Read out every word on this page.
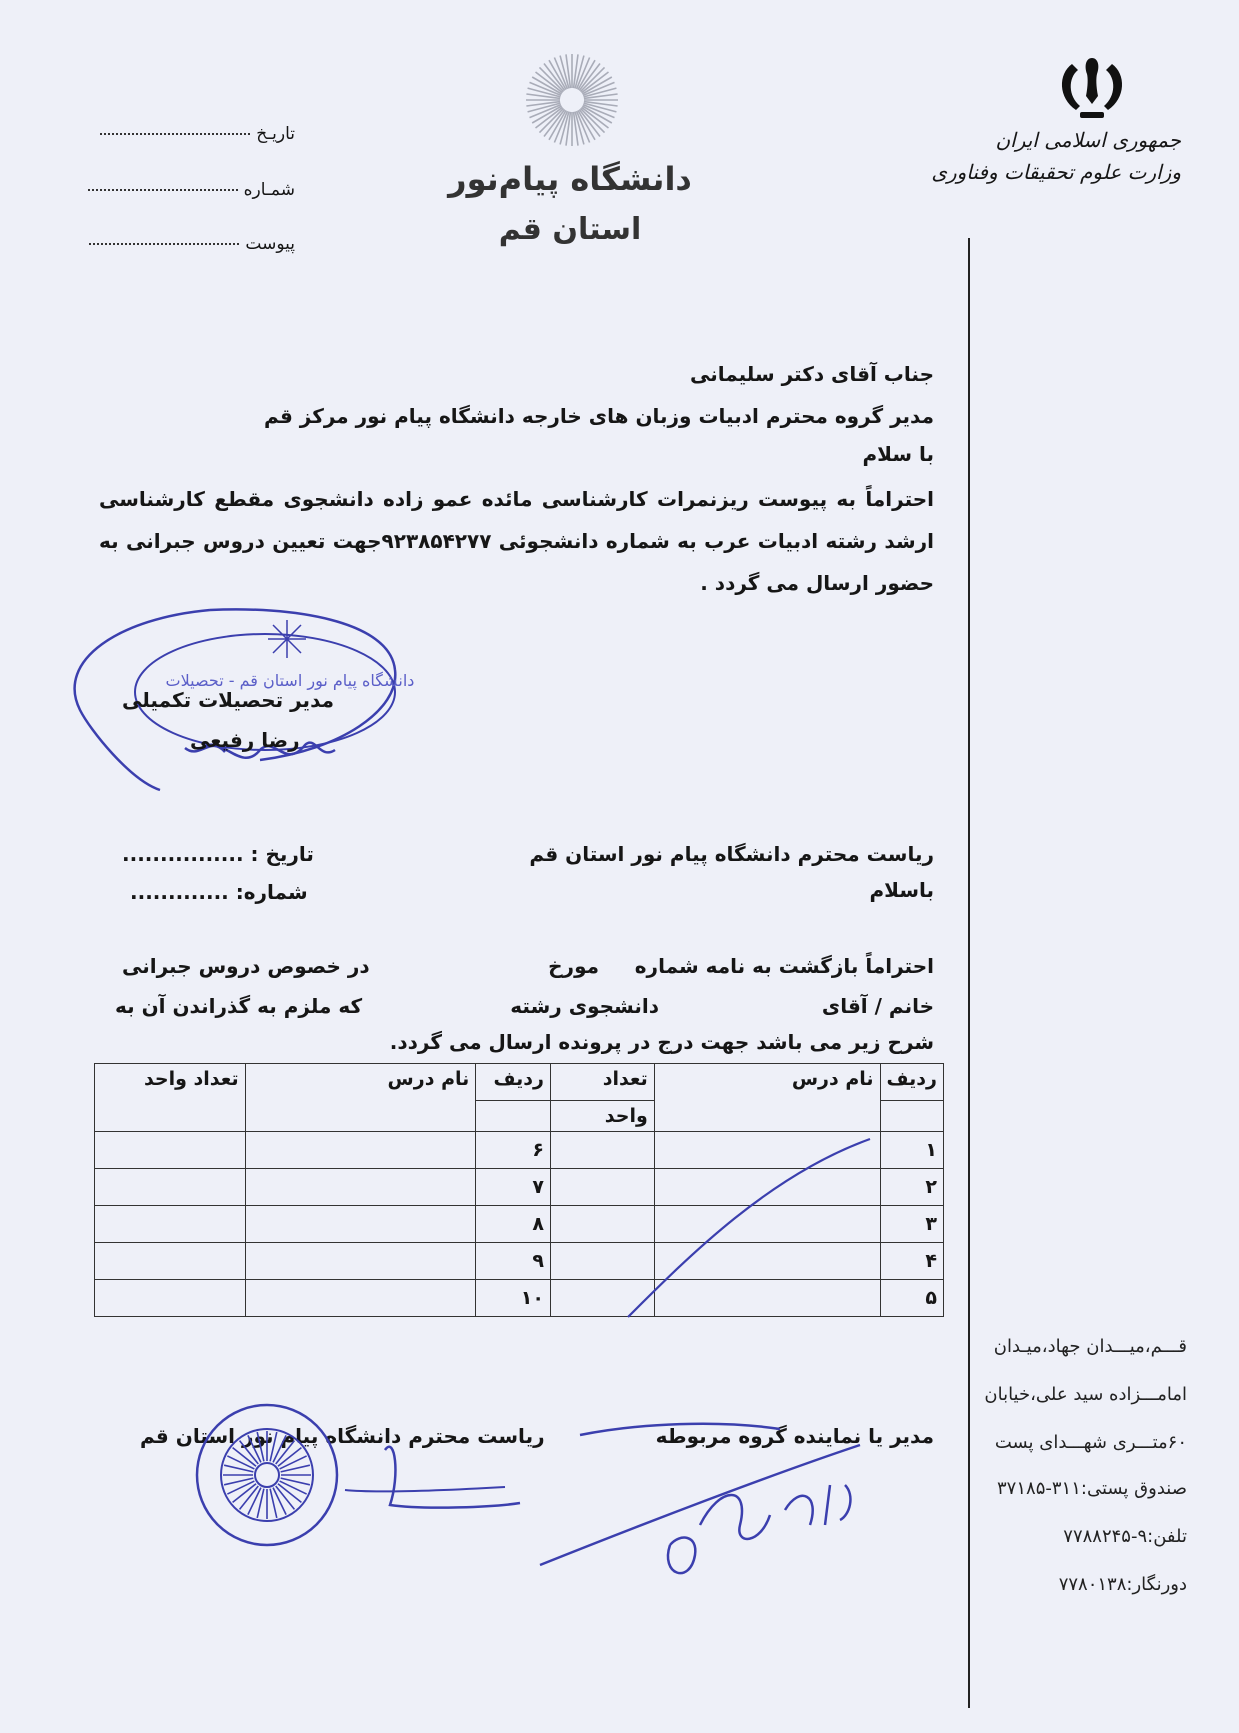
جمهوری اسلامی ایران
وزارت علوم تحقیقات وفناوری
دانشگاه پیام‌نور
استان قم
تاریـخ
شمـاره
پیوست
جناب آقای دکتر سلیمانی
مدیر گروه محترم ادبیات وزبان های خارجه دانشگاه پیام نور مرکز قم
با سلام
احتراماً به پیوست ریزنمرات کارشناسی مائده عمو زاده دانشجوی مقطع کارشناسی ارشد رشته ادبیات عرب به شماره دانشجوئی ۹۲۳۸۵۴۲۷۷جهت تعیین دروس جبرانی به حضور ارسال می گردد .
دانشگاه پیام نور استان قم - تحصیلات
مدیر تحصیلات تکمیلی
رضا رفیعی
تاریخ : ................
شماره: .............
ریاست محترم دانشگاه پیام نور استان قم
باسلام
احتراماً بازگشت به نامه شماره
مورخ
در خصوص دروس جبرانی
خانم / آقای
دانشجوی رشته
که ملزم به گذراندن آن به
شرح زیر می باشد جهت درج در پرونده ارسال می گردد.
ردیف	نام درس	تعداد	ردیف	نام درس	تعداد واحد
		واحد			
۱			۶		
۲			۷		
۳			۸		
۴			۹		
۵			۱۰		
مدیر یا نماینده گروه مربوطه
ریاست محترم دانشگاه پیام نور استان قم
قـــم،میـــدان جهاد،میـدان
امامـــزاده سید علی،خیابان
۶۰متـــری شهـــدای پست
صندوق پستی:۳۱۱-۳۷۱۸۵
تلفن:۹-۷۷۸۸۲۴۵
دورنگار:۷۷۸۰۱۳۸
